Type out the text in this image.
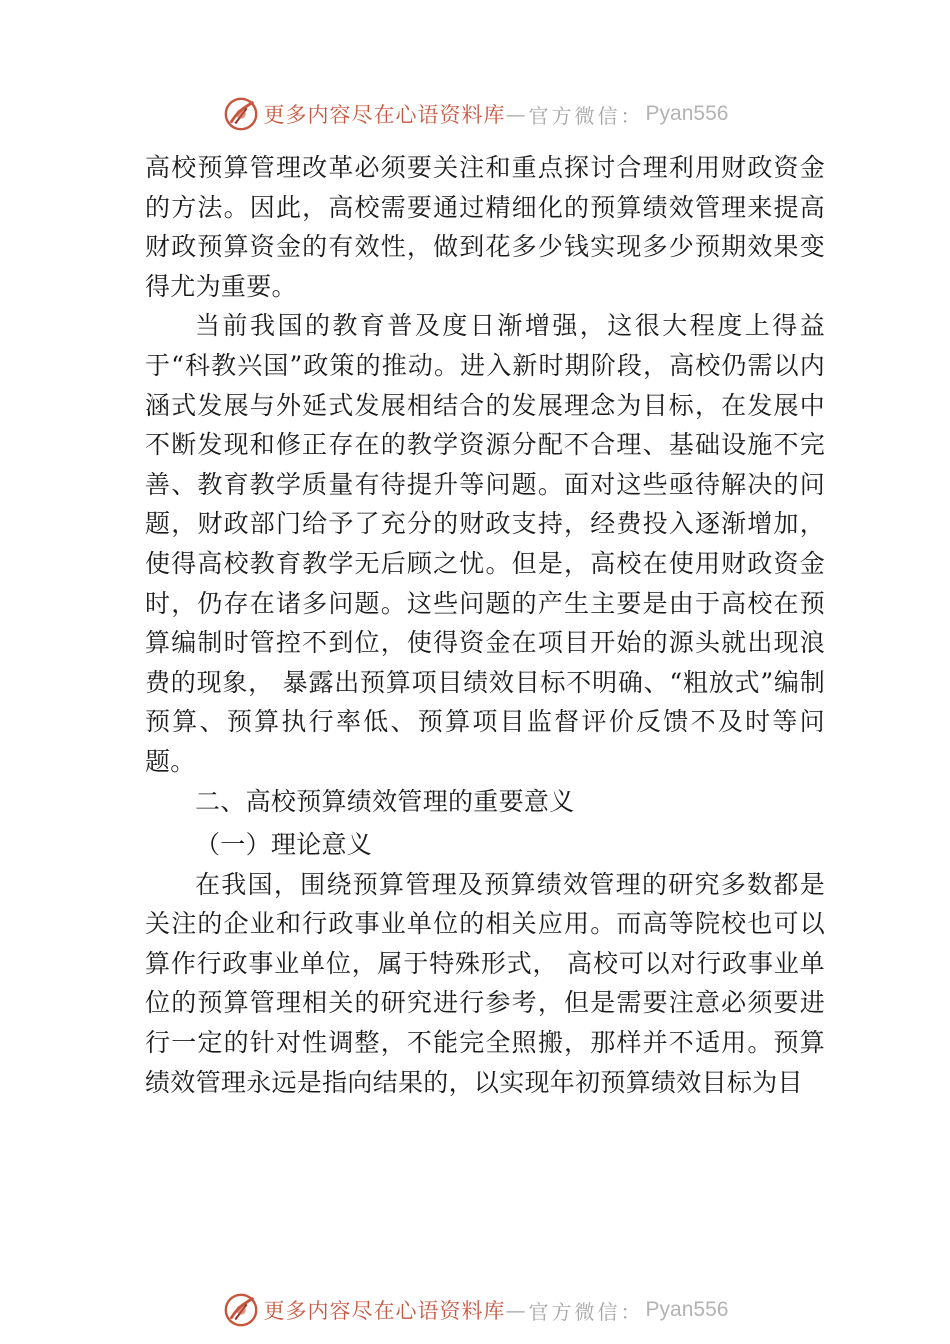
更多内容尽在心语资料库 — 官方微信： Pyan556

高校预算管理改革必须要关注和重点探讨合理利用财政资金的方法。因此，高校需要通过精细化的预算绩效管理来提高财政预算资金的有效性，做到花多少钱实现多少预期效果变得尤为重要。

当前我国的教育普及度日渐增强，这很大程度上得益于“科教兴国”政策的推动。进入新时期阶段，高校仍需以内涵式发展与外延式发展相结合的发展理念为目标，在发展中不断发现和修正存在的教学资源分配不合理、基础设施不完善、教育教学质量有待提升等问题。面对这些亟待解决的问题，财政部门给予了充分的财政支持，经费投入逐渐增加，使得高校教育教学无后顾之忧。但是，高校在使用财政资金时，仍存在诸多问题。这些问题的产生主要是由于高校在预算编制时管控不到位，使得资金在项目开始的源头就出现浪费的现象， 暴露出预算项目绩效目标不明确、“粗放式”编制预算、预算执行率低、预算项目监督评价反馈不及时等问题。

二、高校预算绩效管理的重要意义

（一）理论意义

在我国，围绕预算管理及预算绩效管理的研究多数都是关注的企业和行政事业单位的相关应用。而高等院校也可以算作行政事业单位，属于特殊形式， 高校可以对行政事业单位的预算管理相关的研究进行参考，但是需要注意必须要进行一定的针对性调整，不能完全照搬，那样并不适用。预算绩效管理永远是指向结果的，以实现年初预算绩效目标为目

更多内容尽在心语资料库 — 官方微信： Pyan556
